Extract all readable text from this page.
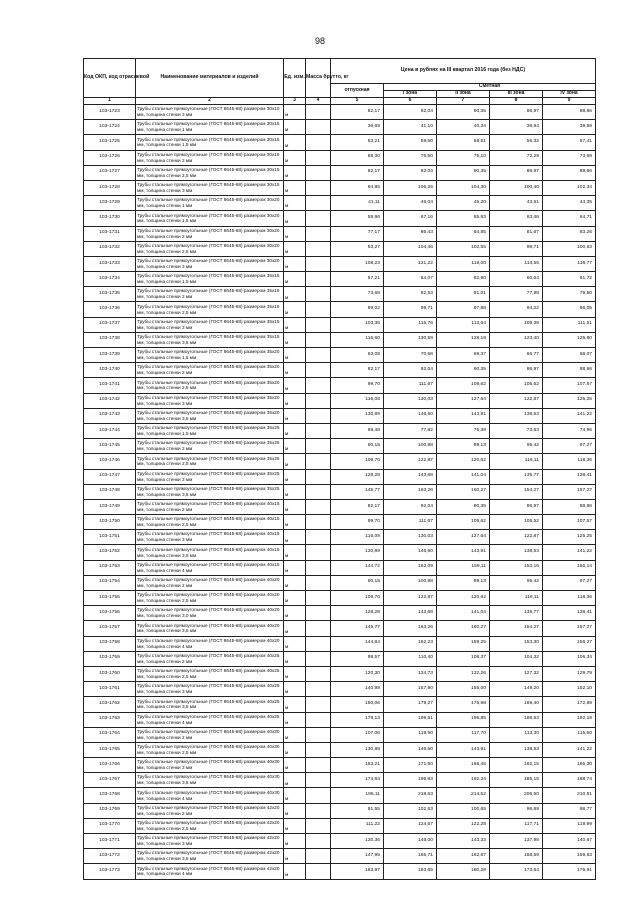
98
Код ОКП, код отраслевой	Наименование материалов и изделий	Ед. изм.	Масса брутто, кг	Цена в рублях на III квартал 2016 года (без НДС)				
				отпускная	Сметная			
					I зона	II зона	III зона	IV зона
1	2	3	4	5	6	7	8	9
103-1723	Трубы стальные прямоугольные (ГОСТ 8645-68) размером 30х10 мм, толщина стенки 3 мм	м		82,17	92,04	90,35	86,97	88,66
103-1724	Трубы стальные прямоугольные (ГОСТ 8645-68) размером 30х15 мм, толщина стенки 1 мм	м		36,69	41,10	40,34	38,84	39,59
103-1725	Трубы стальные прямоугольные (ГОСТ 8645-68) размером 30х15 мм, толщина стенки 1,5 мм	м		53,21	59,60	58,51	56,32	57,41
103-1726	Трубы стальные прямоугольные (ГОСТ 8645-68) размером 30х15 мм, толщина стенки 2 мм	м		68,30	76,50	75,10	72,29	73,69
103-1727	Трубы стальные прямоугольные (ГОСТ 8645-68) размером 30х15 мм, толщина стенки 2,5 мм	м		82,17	92,04	90,35	86,97	88,66
103-1728	Трубы стальные прямоугольные (ГОСТ 8645-68) размером 30х15 мм, толщина стенки 3 мм	м		94,85	106,25	104,30	100,40	102,34
103-1729	Трубы стальные прямоугольные (ГОСТ 8645-68) размером 30х20 мм, толщина стенки 1 мм	м		41,11	46,04	45,20	43,51	44,35
103-1730	Трубы стальные прямоугольные (ГОСТ 8645-68) размером 30х20 мм, толщина стенки 1,5 мм	м		59,96	67,16	65,93	63,46	64,71
103-1731	Трубы стальные прямоугольные (ГОСТ 8645-68) размером 30х20 мм, толщина стенки 2 мм	м		77,17	86,43	84,85	81,67	83,26
103-1732	Трубы стальные прямоугольные (ГОСТ 8645-68) размером 30х20 мм, толщина стенки 2,5 мм	м		93,27	104,46	102,55	98,71	100,63
103-1733	Трубы стальные прямоугольные (ГОСТ 8645-68) размером 30х20 мм, толщина стенки 3 мм	м		108,23	121,22	119,00	114,55	116,77
103-1734	Трубы стальные прямоугольные (ГОСТ 8645-68) размером 35х15 мм, толщина стенки 1,5 мм	м		57,21	64,07	62,90	60,54	61,72
103-1735	Трубы стальные прямоугольные (ГОСТ 8645-68) размером 35х15 мм, толщина стенки 2 мм	м		73,68	82,53	81,01	77,98	79,50
103-1736	Трубы стальные прямоугольные (ГОСТ 8645-68) размером 35х15 мм, толщина стенки 2,5 мм	м		89,02	99,71	97,88	94,22	96,05
103-1737	Трубы стальные прямоугольные (ГОСТ 8645-68) размером 35х15 мм, толщина стенки 3 мм	м		103,36	115,76	113,64	109,39	111,51
103-1738	Трубы стальные прямоугольные (ГОСТ 8645-68) размером 35х15 мм, толщина стенки 3,5 мм	м		116,60	130,59	128,19	123,40	125,80
103-1739	Трубы стальные прямоугольные (ГОСТ 8645-68) размером 35х20 мм, толщина стенки 1,5 мм	м		63,09	70,66	69,37	66,77	68,07
103-1740	Трубы стальные прямоугольные (ГОСТ 8645-68) размером 35х20 мм, толщина стенки 2 мм	м		82,17	92,04	90,35	86,97	88,66
103-1741	Трубы стальные прямоугольные (ГОСТ 8645-68) размером 35х20 мм, толщина стенки 2,5 мм	м		99,70	111,67	109,62	105,52	107,57
103-1742	Трубы стальные прямоугольные (ГОСТ 8645-68) размером 35х20 мм, толщина стенки 3 мм	м		116,08	130,03	127,64	122,87	125,25
103-1743	Трубы стальные прямоугольные (ГОСТ 8645-68) размером 35х20 мм, толщина стенки 3,5 мм	м		130,89	146,60	143,91	138,53	141,22
103-1744	Трубы стальные прямоугольные (ГОСТ 8645-68) размером 35х25 мм, толщина стенки 1,5 мм	м		69,48	77,82	76,39	73,53	74,96
103-1745	Трубы стальные прямоугольные (ГОСТ 8645-68) размером 35х25 мм, толщина стенки 2 мм	м		90,15	100,98	99,13	95,42	97,27
103-1746	Трубы стальные прямоугольные (ГОСТ 8645-68) размером 35х25 мм, толщина стенки 2,5 мм	м		109,70	122,87	120,62	116,11	118,36
103-1747	Трубы стальные прямоугольные (ГОСТ 8645-68) размером 35х25 мм, толщина стенки 3 мм	м		128,28	143,68	141,04	135,77	138,41
103-1748	Трубы стальные прямоугольные (ГОСТ 8645-68) размером 35х25 мм, толщина стенки 3,5 мм	м		145,77	163,26	160,27	154,27	157,27
103-1749	Трубы стальные прямоугольные (ГОСТ 8645-68) размером 40х15 мм, толщина стенки 2 мм	м		82,17	92,04	90,35	86,97	88,66
103-1750	Трубы стальные прямоугольные (ГОСТ 8645-68) размером 40х15 мм, толщина стенки 2,5 мм	м		99,70	111,67	109,62	105,52	107,57
103-1751	Трубы стальные прямоугольные (ГОСТ 8645-68) размером 40х15 мм, толщина стенки 3 мм	м		116,09	130,03	127,64	122,87	125,25
103-1752	Трубы стальные прямоугольные (ГОСТ 8645-68) размером 40х15 мм, толщина стенки 3,5 мм	м		130,89	146,60	143,91	138,53	141,22
103-1753	Трубы стальные прямоугольные (ГОСТ 8645-68) размером 40х15 мм, толщина стенки 4 мм	м		144,72	162,09	159,11	153,16	156,14
103-1754	Трубы стальные прямоугольные (ГОСТ 8645-68) размером 40х20 мм, толщина стенки 2 мм	м		90,15	100,98	99,13	95,42	97,27
103-1755	Трубы стальные прямоугольные (ГОСТ 8645-68) размером 40х20 мм, толщина стенки 2,5 мм	м		109,70	122,87	120,62	116,11	118,36
103-1756	Трубы стальные прямоугольные (ГОСТ 8645-68) размером 40х20 мм, толщина стенки 3,0 мм	м		128,28	143,68	141,04	135,77	138,41
103-1757	Трубы стальные прямоугольные (ГОСТ 8645-68) размером 40х20 мм, толщина стенки 3,5 мм	м		145,77	163,26	160,27	154,27	157,27
103-1758	Трубы стальные прямоугольные (ГОСТ 8645-68) размером 40х20 мм, толщина стенки 4 мм	м		144,84	162,23	159,25	153,30	156,27
103-1759	Трубы стальные прямоугольные (ГОСТ 8645-68) размером 40х25 мм, толщина стенки 2 мм	м		98,57	110,40	108,37	104,32	106,34
103-1760	Трубы стальные прямоугольные (ГОСТ 8645-68) размером 40х25 мм, толщина стенки 2,5 мм	м		120,30	134,73	132,26	127,32	129,79
103-1761	Трубы стальные прямоугольные (ГОСТ 8645-68) размером 40х25 мм, толщина стенки 3 мм	м		140,98	157,90	155,00	149,20	152,10
103-1762	Трубы стальные прямоугольные (ГОСТ 8645-68) размером 40х25 мм, толщина стенки 3,5 мм	м		160,06	179,27	175,98	169,40	172,69
103-1763	Трубы стальные прямоугольные (ГОСТ 8645-68) размером 40х25 мм, толщина стенки 4 мм	м		178,13	199,51	195,85	188,53	192,19
103-1764	Трубы стальные прямоугольные (ГОСТ 8645-68) размером 40х30 мм, толщина стенки 2 мм	м		107,06	119,90	117,70	113,30	115,50
103-1765	Трубы стальные прямоугольные (ГОСТ 8645-68) размером 40х30 мм, толщина стенки 2,5 мм	м		130,89	146,60	143,91	138,53	141,22
103-1766	Трубы стальные прямоугольные (ГОСТ 8645-68) размером 40х30 мм, толщина стенки 3 мм	м		153,21	171,60	168,45	162,15	165,30
103-1767	Трубы стальные прямоугольные (ГОСТ 8645-68) размером 40х30 мм, толщина стенки 3,5 мм	м		174,94	195,93	192,34	185,15	188,74
103-1768	Трубы стальные прямоугольные (ГОСТ 8645-68) размером 40х30 мм, толщина стенки 4 мм	м		195,11	218,53	214,52	206,50	210,51
103-1769	Трубы стальные прямоугольные (ГОСТ 8645-68) размером 42х20 мм, толщина стенки 2 мм	м		91,55	102,53	100,65	96,89	98,77
103-1770	Трубы стальные прямоугольные (ГОСТ 8645-68) размером 42х20 мм, толщина стенки 2,5 мм	м		111,22	124,57	122,28	117,71	119,99
103-1771	Трубы стальные прямоугольные (ГОСТ 8645-68) размером 42х20 мм, толщина стенки 3 мм	м		130,36	146,00	143,33	137,98	140,67
103-1772	Трубы стальные прямоугольные (ГОСТ 8645-68) размером 42х20 мм, толщина стенки 3,5 мм	м		147,95	165,71	162,67	156,59	159,63
103-1773	Трубы стальные прямоугольные (ГОСТ 8645-68) размером 42х20 мм, толщина стенки 4 мм	м		163,97	183,65	180,28	173,54	176,91
